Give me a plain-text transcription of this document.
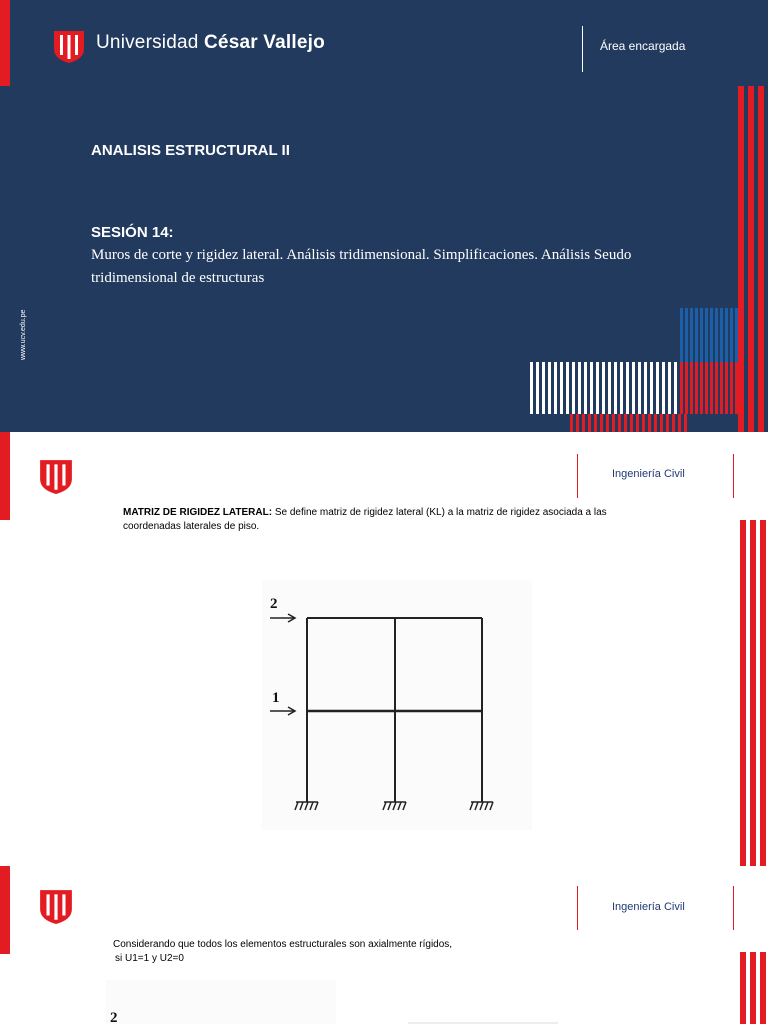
Universidad César Vallejo	Área encargada
ANALISIS ESTRUCTURAL II
SESIÓN 14:
Muros de corte y rigidez lateral. Análisis tridimensional. Simplificaciones. Análisis Seudo tridimensional de estructuras
www.ucv.edu.pe
Ingeniería Civil
MATRIZ DE RIGIDEZ LATERAL: Se define matriz de rigidez lateral (KL) a la matriz de rigidez asociada a las coordenadas laterales de piso.
2
1
Ingeniería Civil
Considerando que todos los elementos estructurales son axialmente rígidos,
si U1=1 y U2=0
2
